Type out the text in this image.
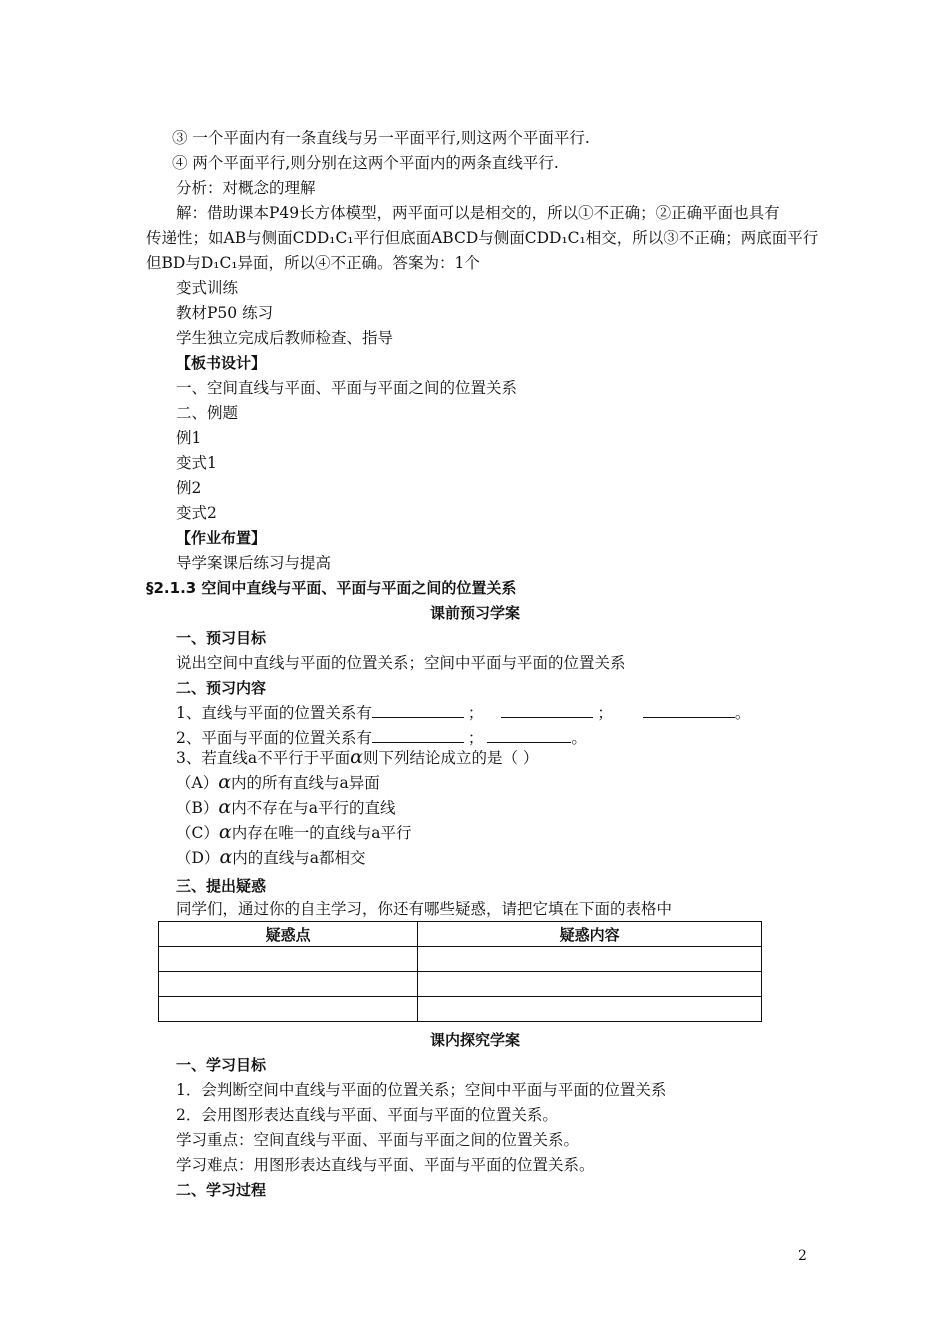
③ 一个平面内有一条直线与另一平面平行,则这两个平面平行.
④ 两个平面平行,则分别在这两个平面内的两条直线平行.
分析：对概念的理解
解：借助课本P49长方体模型，两平面可以是相交的，所以①不正确；②正确平面也具有
传递性；如AB与侧面CDD₁C₁平行但底面ABCD与侧面CDD₁C₁相交，所以③不正确；两底面平行
但BD与D₁C₁异面，所以④不正确。答案为：1个
变式训练
教材P50 练习
学生独立完成后教师检查、指导
【板书设计】
一、空间直线与平面、平面与平面之间的位置关系
二、例题
例1
变式1
例2
变式2
【作业布置】
导学案课后练习与提高
§2.1.3 空间中直线与平面、平面与平面之间的位置关系
课前预习学案
一、预习目标
说出空间中直线与平面的位置关系；空间中平面与平面的位置关系
二、预习内容
1、直线与平面的位置关系有	；	；	。
2、平面与平面的位置关系有	；	。
3、若直线a不平行于平面α则下列结论成立的是（ ）
（A）α内的所有直线与a异面
（B）α内不存在与a平行的直线
（C）α内存在唯一的直线与a平行
（D）α内的直线与a都相交
三、提出疑惑
同学们，通过你的自主学习，你还有哪些疑惑，请把它填在下面的表格中
疑惑点	疑惑内容

课内探究学案
一、学习目标
1．会判断空间中直线与平面的位置关系；空间中平面与平面的位置关系
2．会用图形表达直线与平面、平面与平面的位置关系。
学习重点：空间直线与平面、平面与平面之间的位置关系。
学习难点：用图形表达直线与平面、平面与平面的位置关系。
二、学习过程
2
